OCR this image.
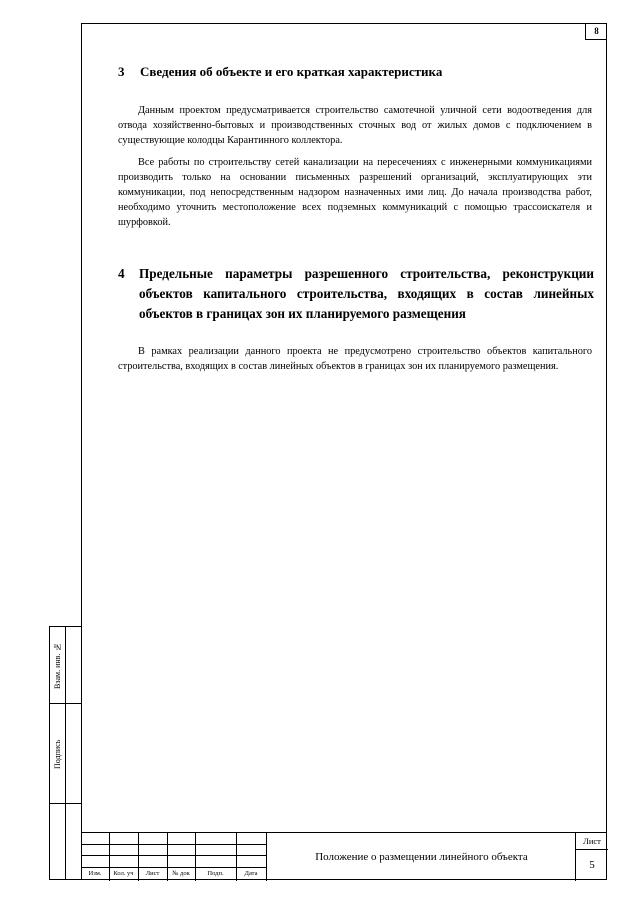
8
3 Сведения об объекте и его краткая характеристика
Данным проектом предусматривается строительство самотечной уличной сети водоотведения для отвода хозяйственно-бытовых и производственных сточных вод от жилых домов с подключением в существующие колодцы Карантинного коллектора.
Все работы по строительству сетей канализации на пересечениях с инженерными коммуникациями производить только на основании письменных разрешений организаций, эксплуатирующих эти коммуникации, под непосредственным надзором назначенных ими лиц. До начала производства работ, необходимо уточнить местоположение всех подземных коммуникаций с помощью трассоискателя и шурфовкой.
4 Предельные параметры разрешенного строительства, реконструкции объектов капитального строительства, входящих в состав линейных объектов в границах зон их планируемого размещения
В рамках реализации данного проекта не предусмотрено строительство объектов капитального строительства, входящих в состав линейных объектов в границах зон их планируемого размещения.
Взам. инв. №
Подпись
Изм.	Кол. уч	Лист	№ док	Подп.	Дата
Положение о размещении линейного объекта
Лист
5
